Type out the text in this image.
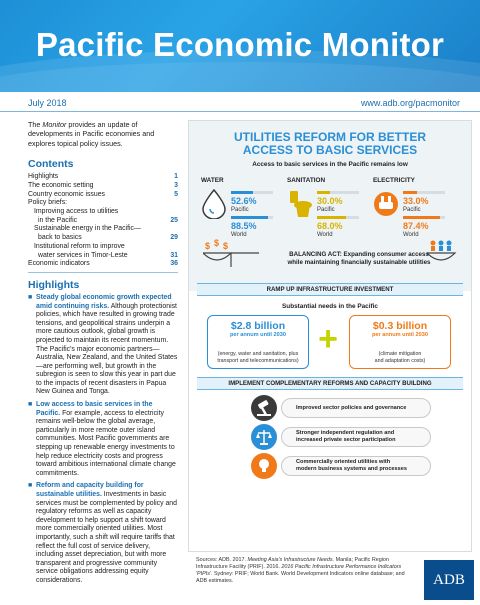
Pacific Economic Monitor
July 2018	www.adb.org/pacmonitor

The Monitor provides an update of developments in Pacific economies and explores topical policy issues.

Contents
Highlights	1
The economic setting	3
Country economic issues	5
Policy briefs:
Improving access to utilities
in the Pacific	25
Sustainable energy in the Pacific—
back to basics	29
Institutional reform to improve
water services in Timor-Leste	31
Economic indicators	36
Highlights
■ Steady global economic growth expected amid continuing risks. Although protectionist policies, which have resulted in growing trade tensions, and geopolitical strains underpin a more cautious outlook, global growth is projected to maintain its recent momentum. The Pacific's major economic partners—Australia, New Zealand, and the United States—are performing well, but growth in the subregion is seen to slow this year in part due to the impacts of recent disasters in Papua New Guinea and Tonga.
■ Low access to basic services in the Pacific. For example, access to electricity remains well-below the global average, particularly in more remote outer island communities. Most Pacific governments are stepping up renewable energy investments to help reduce electricity costs and progress toward ambitious international climate change commitments.
■ Reform and capacity building for sustainable utilities. Investments in basic services must be complemented by policy and regulatory reforms as well as capacity development to help support a shift toward more commercially oriented utilities. Most importantly, such a shift will require tariffs that reflect the full cost of service delivery, including asset depreciation, but with more transparent and progressive community service obligations addressing equity considerations.
UTILITIES REFORM FOR BETTER
ACCESS TO BASIC SERVICES
Access to basic services in the Pacific remains low
WATER
52.6%
Pacific
88.5%
World
SANITATION
30.0%
Pacific
68.0%
World
ELECTRICITY
33.0%
Pacific
87.4%
World
$ $ $
BALANCING ACT: Expanding consumer access
while maintaining financially sustainable utilities
RAMP UP INFRASTRUCTURE INVESTMENT
Substantial needs in the Pacific
$2.8 billion
per annum until 2030
(energy, water and sanitation, plus
transport and telecommunications)
+	$0.3 billion
per annum until 2030
(climate mitigation
and adaptation costs)
IMPLEMENT COMPLEMENTARY REFORMS AND CAPACITY BUILDING
Improved sector policies and governance
Stronger independent regulation and
increased private sector participation
Commercially oriented utilities with
modern business systems and processes
Sources: ADB. 2017. Meeting Asia's Infrastructure Needs. Manila; Pacific Region Infrastructure Facility (PRIF). 2016. 2016 Pacific Infrastructure Performance Indicators 'PIPIs'. Sydney: PRIF; World Bank. World Development Indicators online database; and ADB estimates.	ADB
